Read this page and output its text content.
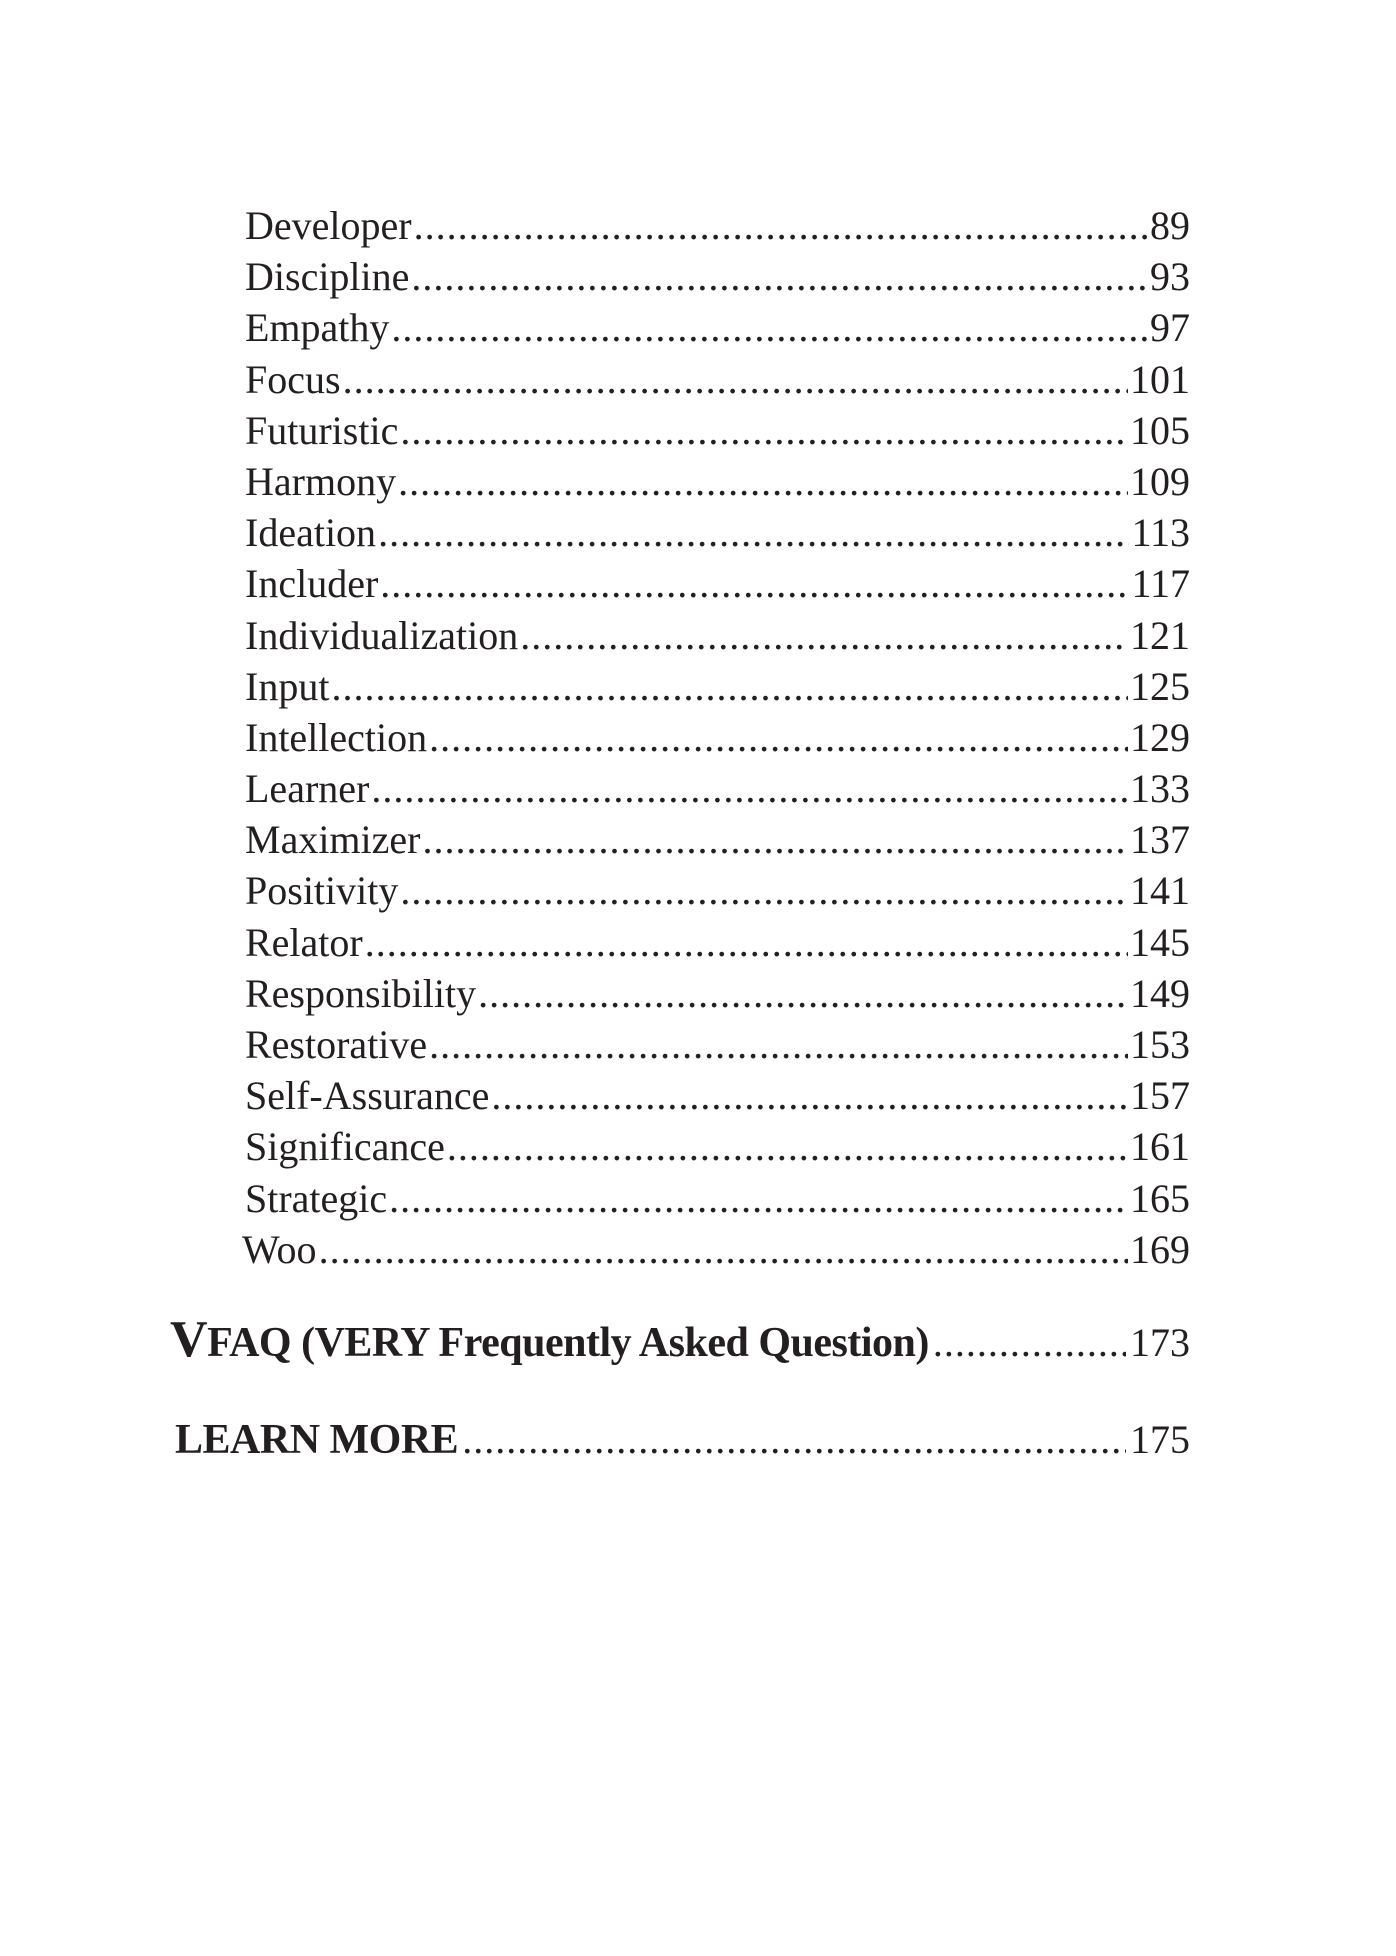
Developer .....	89
Discipline .....	93
Empathy .....	97
Focus .....	101
Futuristic .....	105
Harmony .....	109
Ideation .....	113
Includer .....	117
Individualization .....	121
Input .....	125
Intellection .....	129
Learner .....	133
Maximizer .....	137
Positivity .....	141
Relator .....	145
Responsibility .....	149
Restorative .....	153
Self-Assurance .....	157
Significance .....	161
Strategic .....	165
Woo .....	169
VFAQ (VERY Frequently Asked Question) .....	173
LEARN MORE .....	175
